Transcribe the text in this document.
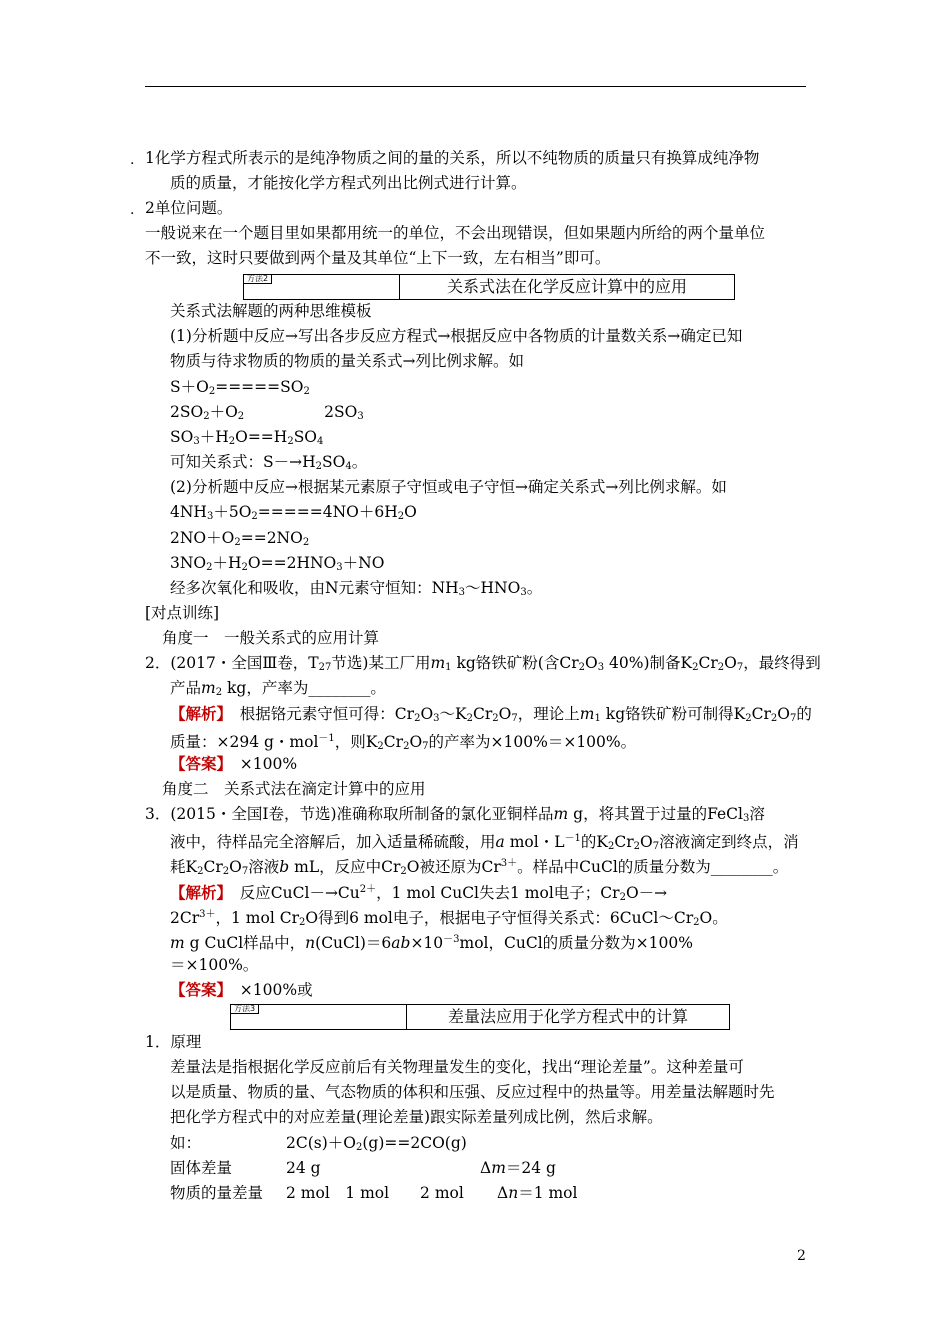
. 1化学方程式所表示的是纯净物质之间的量的关系，所以不纯物质的质量只有换算成纯净物
质的质量，才能按化学方程式列出比例式进行计算。
. 2单位问题。
一般说来在一个题目里如果都用统一的单位，不会出现错误，但如果题内所给的两个量单位
不一致，这时只要做到两个量及其单位“上下一致，左右相当”即可。
方法2	关系式法在化学反应计算中的应用
关系式法解题的两种思维模板
(1)分析题中反应→写出各步反应方程式→根据反应中各物质的计量数关系→确定已知
物质与待求物质的物质的量关系式→列比例求解。如
$S+O_2=====SO_2$
$2SO_2+O_2$	$2SO_3$
$SO_3+H_2O==H_2SO_4$
可知关系式：$S-\to H_2SO_4$。
(2)分析题中反应→根据某元素原子守恒或电子守恒→确定关系式→列比例求解。如
$4NH_3+5O_2=====4NO+6H_2O$
$2NO+O_2==2NO_2$
$3NO_2+H_2O==2HNO_3+NO$
经多次氧化和吸收，由N元素守恒知：$NH_3\sim HNO_3$。
[对点训练]
角度一　一般关系式的应用计算
2．(2017・全国Ⅲ卷，$T_{27}$节选)某工厂用$m_1$ kg铬铁矿粉(含$Cr_2O_3$ 40%)制备$K_2Cr_2O_7$，最终得到
产品$m_2$ kg，产率为________。
【解析】　 根据铬元素守恒可得：$Cr_2O_3\sim K_2Cr_2O_7$，理论上$m_1$ kg铬铁矿粉可制得$K_2Cr_2O_7$的
质量：×294 g・mol$^{-1}$，则$K_2Cr_2O_7$的产率为×100%＝×100%。
【答案】　 ×100%
角度二　关系式法在滴定计算中的应用
3．(2015・全国Ⅰ卷，节选)准确称取所制备的氯化亚铜样品m g，将其置于过量的FeCl$_3$溶
液中，待样品完全溶解后，加入适量稀硫酸，用a mol・$L^{-1}$的$K_2Cr_2O_7$溶液滴定到终点，消
耗$K_2Cr_2O_7$溶液b mL，反应中$Cr_2O$被还原为$Cr^{3+}$。样品中CuCl的质量分数为________。
【解析】　 反应$CuCl-\to Cu^{2+}$，1 mol CuCl失去1 mol电子；$Cr_2O-\to$
$2Cr^{3+}$，1 mol $Cr_2O$得到6 mol电子，根据电子守恒得关系式：$6CuCl\sim Cr_2O$。
m g CuCl样品中，$n(CuCl)=6ab\times 10^{-3}mol$，CuCl的质量分数为×100%
＝×100%。
【答案】　 ×100%或
方法3	差量法应用于化学方程式中的计算
1．原理
差量法是指根据化学反应前后有关物理量发生的变化，找出“理论差量”。这种差量可
以是质量、物质的量、气态物质的体积和压强、反应过程中的热量等。用差量法解题时先
把化学方程式中的对应差量(理论差量)跟实际差量列成比例，然后求解。
如：	$2C(s)+O_2(g)==2CO(g)$
固体差量	24 g	Δm＝24 g
物质的量差量 2 mol　1 mol　　2 mol Δn＝1 mol
2
